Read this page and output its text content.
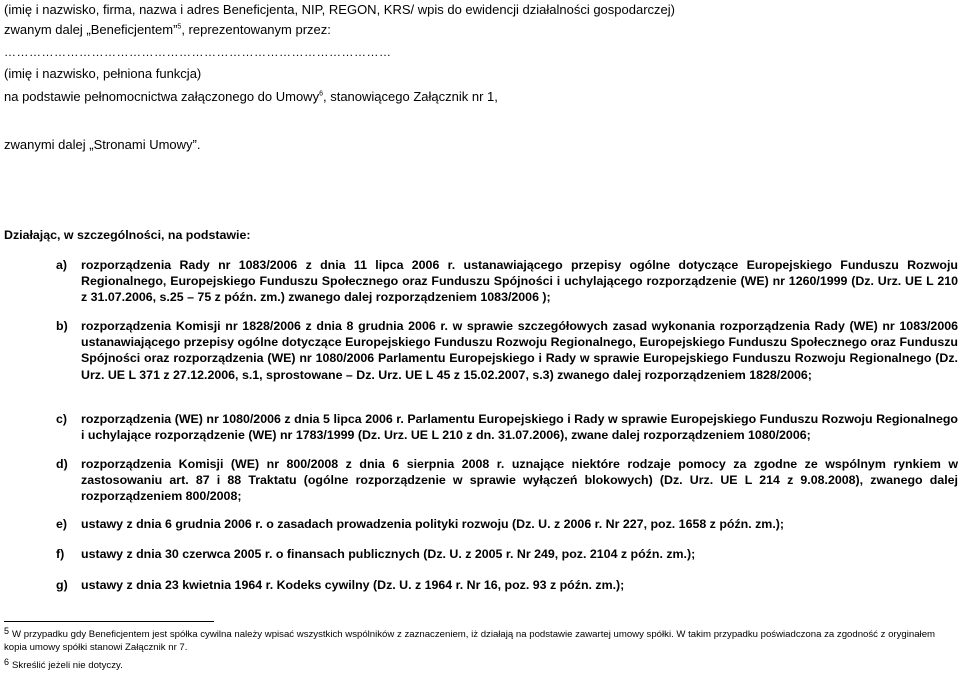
(imię i nazwisko, firma, nazwa i adres Beneficjenta, NIP, REGON, KRS/ wpis do ewidencji działalności gospodarczej)
zwanym dalej „Beneficjentem”$^5$, reprezentowanym przez:
…………………………………………………………………………………
(imię i nazwisko, pełniona funkcja)
na podstawie pełnomocnictwa załączonego do Umowy$^6$, stanowiącego Załącznik nr 1,
zwanymi dalej „Stronami Umowy”.
Działając, w szczególności, na podstawie:
a) rozporządzenia Rady nr 1083/2006 z dnia 11 lipca 2006 r. ustanawiającego przepisy ogólne dotyczące Europejskiego Funduszu Rozwoju Regionalnego, Europejskiego Funduszu Społecznego oraz Funduszu Spójności i uchylającego rozporządzenie (WE) nr 1260/1999 (Dz. Urz. UE L 210 z 31.07.2006, s.25 – 75 z późn. zm.) zwanego dalej rozporządzeniem 1083/2006 );
b) rozporządzenia Komisji nr 1828/2006 z dnia 8 grudnia 2006 r. w sprawie szczegółowych zasad wykonania rozporządzenia Rady (WE) nr 1083/2006 ustanawiającego przepisy ogólne dotyczące Europejskiego Funduszu Rozwoju Regionalnego, Europejskiego Funduszu Społecznego oraz Funduszu Spójności oraz rozporządzenia (WE) nr 1080/2006 Parlamentu Europejskiego i Rady w sprawie Europejskiego Funduszu Rozwoju Regionalnego (Dz. Urz. UE L 371 z 27.12.2006, s.1, sprostowane – Dz. Urz. UE L 45 z 15.02.2007, s.3) zwanego dalej rozporządzeniem 1828/2006;
c) rozporządzenia (WE) nr 1080/2006 z dnia 5 lipca 2006 r. Parlamentu Europejskiego i Rady w sprawie Europejskiego Funduszu Rozwoju Regionalnego i uchylające rozporządzenie (WE) nr 1783/1999 (Dz. Urz. UE L 210 z dn. 31.07.2006), zwane dalej rozporządzeniem 1080/2006;
d) rozporządzenia Komisji (WE) nr 800/2008 z dnia 6 sierpnia 2008 r. uznające niektóre rodzaje pomocy za zgodne ze wspólnym rynkiem w zastosowaniu art. 87 i 88 Traktatu (ogólne rozporządzenie w sprawie wyłączeń blokowych) (Dz. Urz. UE L 214 z 9.08.2008), zwanego dalej rozporządzeniem 800/2008;
e) ustawy z dnia 6 grudnia 2006 r. o zasadach prowadzenia polityki rozwoju (Dz. U. z 2006 r. Nr 227, poz. 1658 z późn. zm.);
f) ustawy z dnia 30 czerwca 2005 r. o finansach publicznych (Dz. U. z 2005 r. Nr 249, poz. 2104 z późn. zm.);
g) ustawy z dnia 23 kwietnia 1964 r. Kodeks cywilny (Dz. U. z 1964 r. Nr 16, poz. 93 z późn. zm.);
5 W przypadku gdy Beneficjentem jest spółka cywilna należy wpisać wszystkich wspólników z zaznaczeniem, iż działają na podstawie zawartej umowy spółki. W takim przypadku poświadczona za zgodność z oryginałem kopia umowy spółki stanowi Załącznik nr 7.
6 Skreślić jeżeli nie dotyczy.
